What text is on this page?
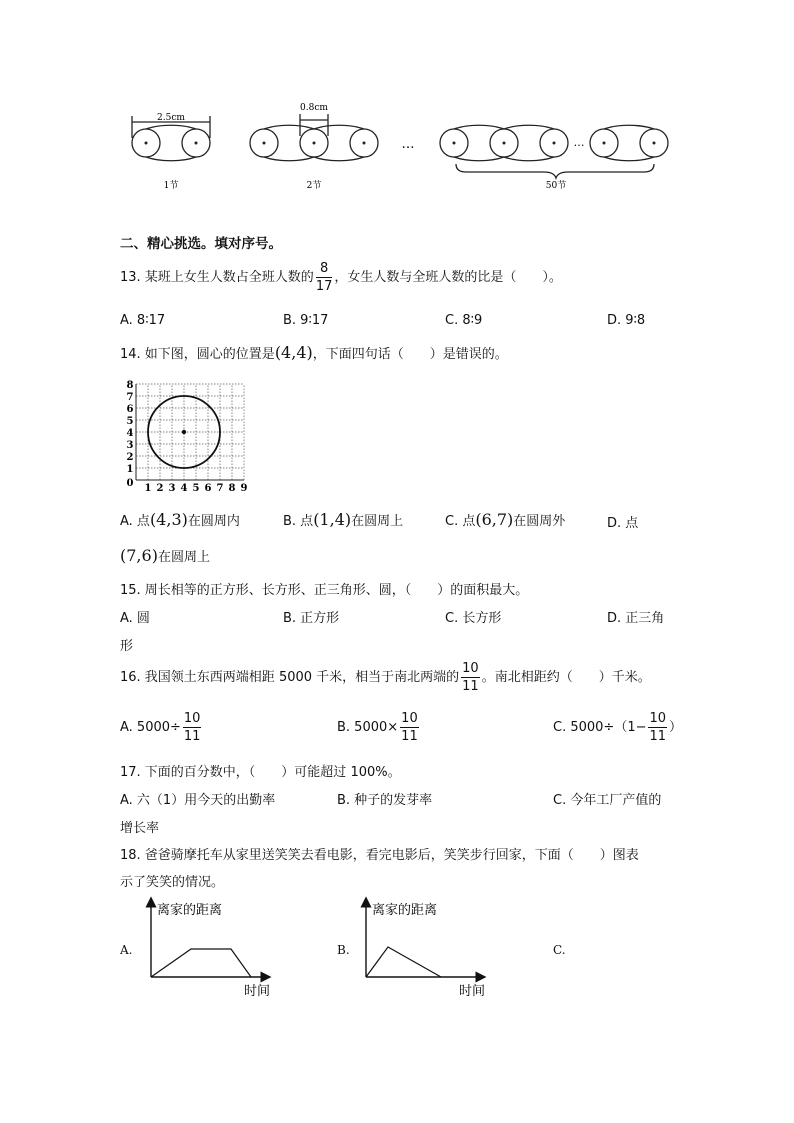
2.5cm
0.8cm
…	…
1节	2节	50节
二、精心挑选。填对序号。
13. 某班上女生人数占全班人数的 $\frac{8}{17}$ ，女生人数与全班人数的比是（　　）。
A. 8∶17	B. 9∶17	C. 8∶9	D. 9∶8
14. 如下图，圆心的位置是(4,4)，下面四句话（　　）是错误的。
1 2 3 4 5 6 7 8 9
8
7
6
5
4
3
2
1
0
A. 点(4,3)在圆周内	B. 点(1,4)在圆周上	C. 点(6,7)在圆周外	D. 点
(7,6)在圆周上
15. 周长相等的正方形、长方形、正三角形、圆，（　　）的面积最大。
A. 圆	B. 正方形	C. 长方形	D. 正三角
形
16. 我国领土东西两端相距 5000 千米，相当于南北两端的 $\frac{10}{11}$ 。南北相距约（　　）千米。
A. $5000\div \frac{10}{11}$	B. $5000\times \frac{10}{11}$	C. $5000\div(1- \frac{10}{11}$ ）
17. 下面的百分数中，（　　）可能超过 100%。
A. 六（1）用今天的出勤率	B. 种子的发芽率	C. 今年工厂产值的
增长率
18. 爸爸骑摩托车从家里送笑笑去看电影，看完电影后，笑笑步行回家，下面（　　）图表
示了笑笑的情况。
A.
离家的距离
时间
B.
离家的距离
时间
C.
